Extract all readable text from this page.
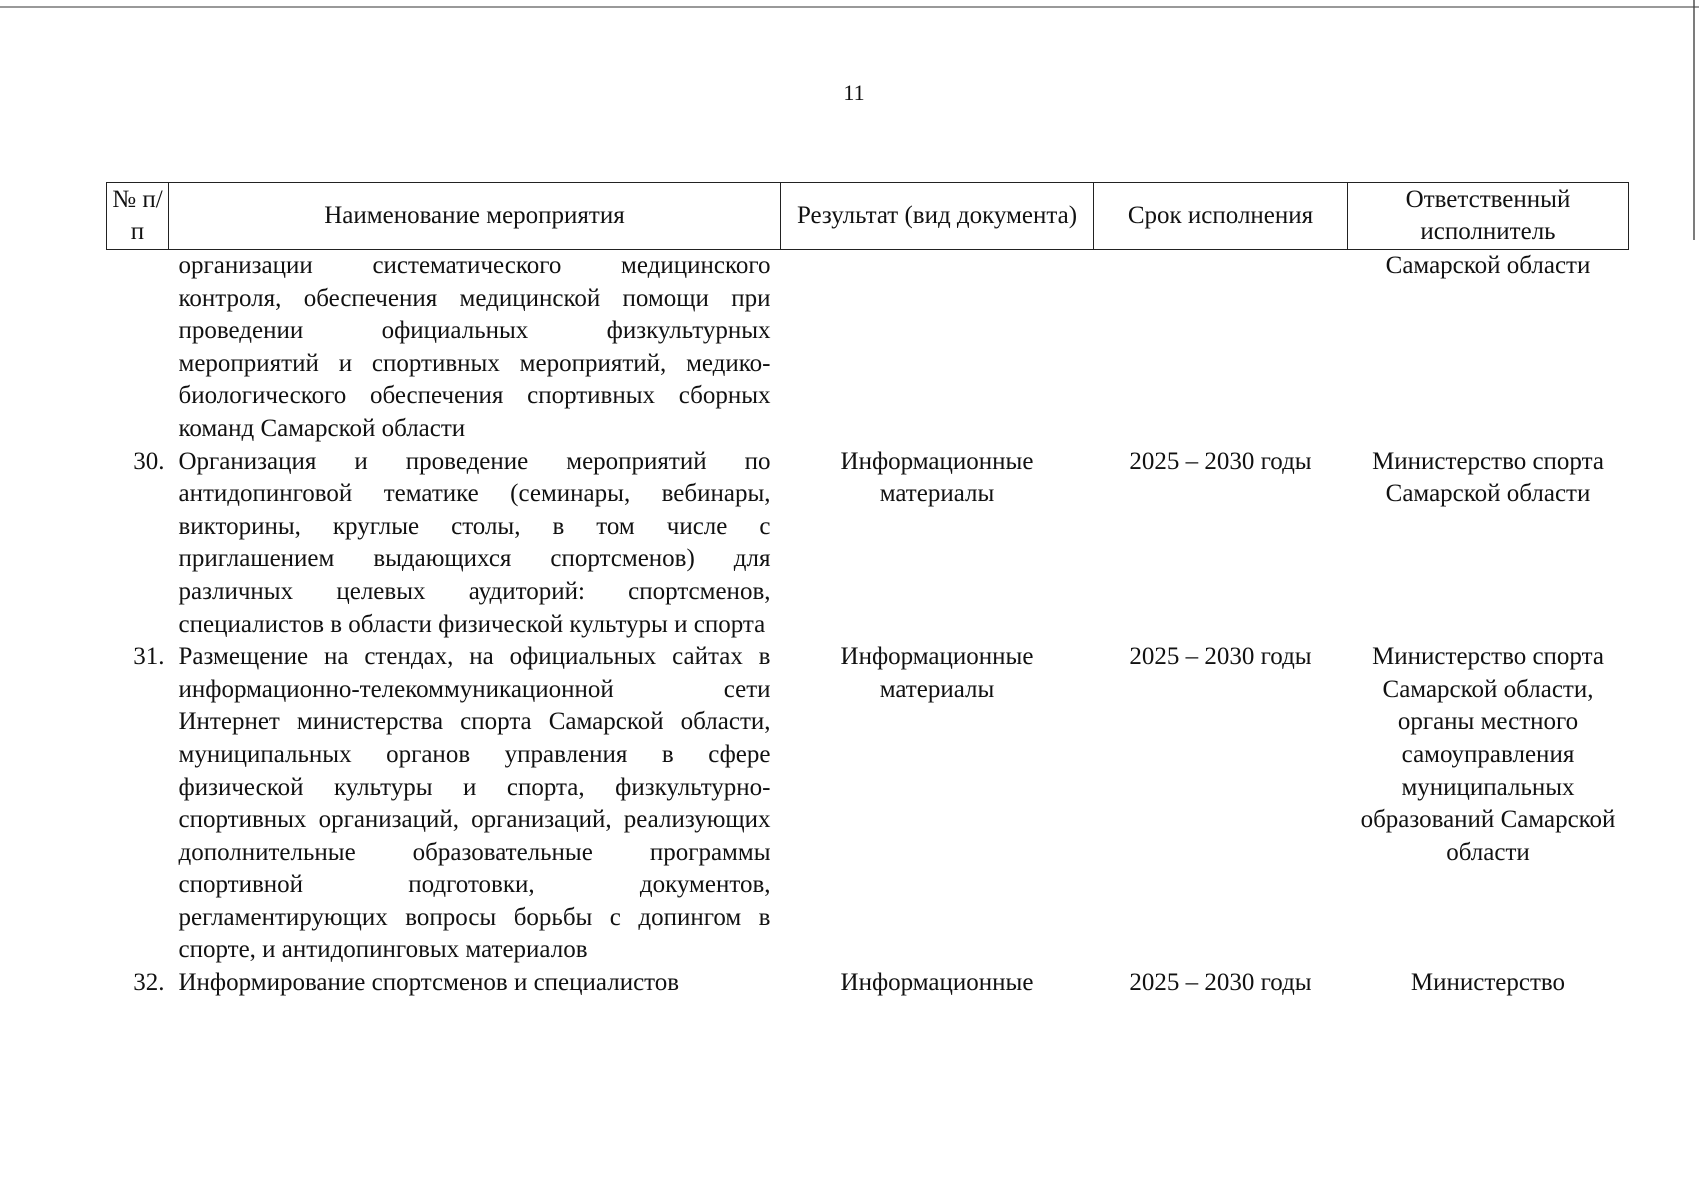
11
№ п/п	Наименование мероприятия	Результат (вид документа)	Срок исполнения	Ответственный исполнитель
	организации систематического медицинского контроля, обеспечения медицинской помощи при проведении официальных физкультурных мероприятий и спортивных мероприятий, медико-биологического обеспечения спортивных сборных команд Самарской области			Самарской области
30.	Организация и проведение мероприятий по антидопинговой тематике (семинары, вебинары, викторины, круглые столы, в том числе с приглашением выдающихся спортсменов) для различных целевых аудиторий: спортсменов, специалистов в области физической культуры и спорта	Информационные материалы	2025 – 2030 годы	Министерство спорта Самарской области
31.	Размещение на стендах, на официальных сайтах в информационно-телекоммуникационной сети Интернет министерства спорта Самарской области, муниципальных органов управления в сфере физической культуры и спорта, физкультурно-спортивных организаций, организаций, реализующих дополнительные образовательные программы спортивной подготовки, документов, регламентирующих вопросы борьбы с допингом в спорте, и антидопинговых материалов	Информационные материалы	2025 – 2030 годы	Министерство спорта Самарской области, органы местного самоуправления муниципальных образований Самарской области
32.	Информирование спортсменов и специалистов	Информационные	2025 – 2030 годы	Министерство
